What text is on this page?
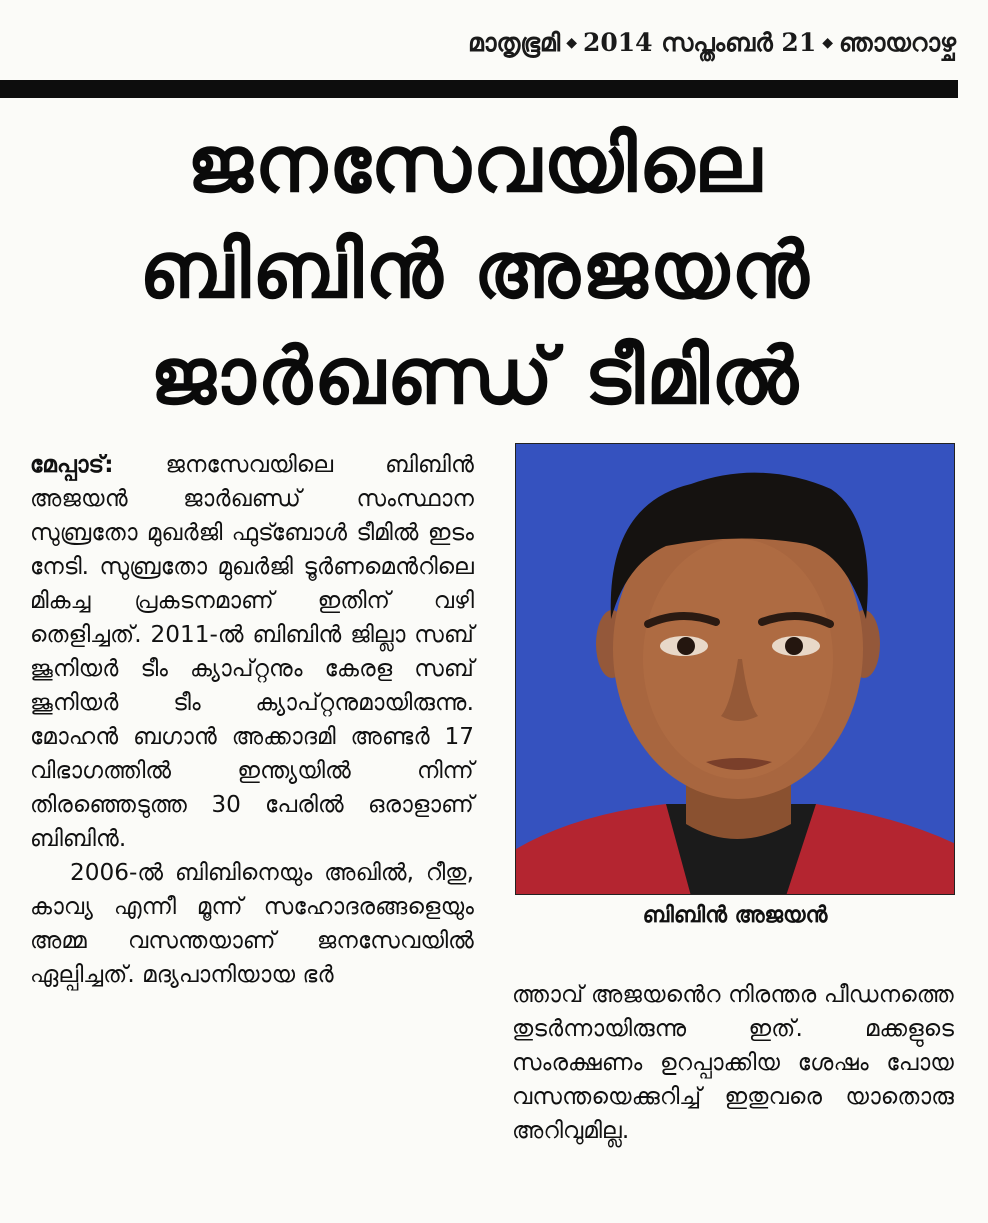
മാതൃഭൂമി ◆ 2014 സപ്തംബർ 21 ◆ ഞായറാഴ്ച
ജനസേവയിലെ
ബിബിൻ അജയൻ
ജാർഖണ്ഡ് ടീമിൽ

മേപ്പാട്: ജനസേവയിലെ ബിബിൻ അജയൻ ജാർഖണ്ഡ് സംസ്ഥാന സുബ്രതോ മുഖർജി ഫുട്ബോൾ ടീമിൽ ഇടം നേടി. സുബ്രതോ മുഖർജി ടൂർണമെൻറിലെ മികച്ച പ്രകടനമാണ് ഇതിന് വഴി തെളിച്ചത്. 2011-ൽ ബിബിൻ ജില്ലാ സബ് ജൂനിയർ ടീം ക്യാപ്റ്റനും കേരള സബ് ജൂനിയർ ടീം ക്യാപ്റ്റനുമായിരുന്നു. മോഹൻ ബഗാൻ അക്കാദമി അണ്ടർ 17 വിഭാഗത്തിൽ ഇന്ത്യയിൽ നിന്ന് തിരഞ്ഞെടുത്ത 30 പേരിൽ ഒരാളാണ് ബിബിൻ.

2006-ൽ ബിബിനെയും അഖിൽ, റീതു, കാവ്യ എന്നീ മൂന്ന് സഹോദരങ്ങളെയും അമ്മ വസന്തയാണ് ജനസേവയിൽ ഏല്പിച്ചത്. മദ്യപാനിയായ ഭർ

ബിബിൻ അജയൻ

ത്താവ് അജയൻെറ നിരന്തര പീഡനത്തെ തുടർന്നായിരുന്നു ഇത്. മക്കളുടെ സംരക്ഷണം ഉറപ്പാക്കിയ ശേഷം പോയ വസന്തയെക്കുറിച്ച് ഇതുവരെ യാതൊരു അറിവുമില്ല.
